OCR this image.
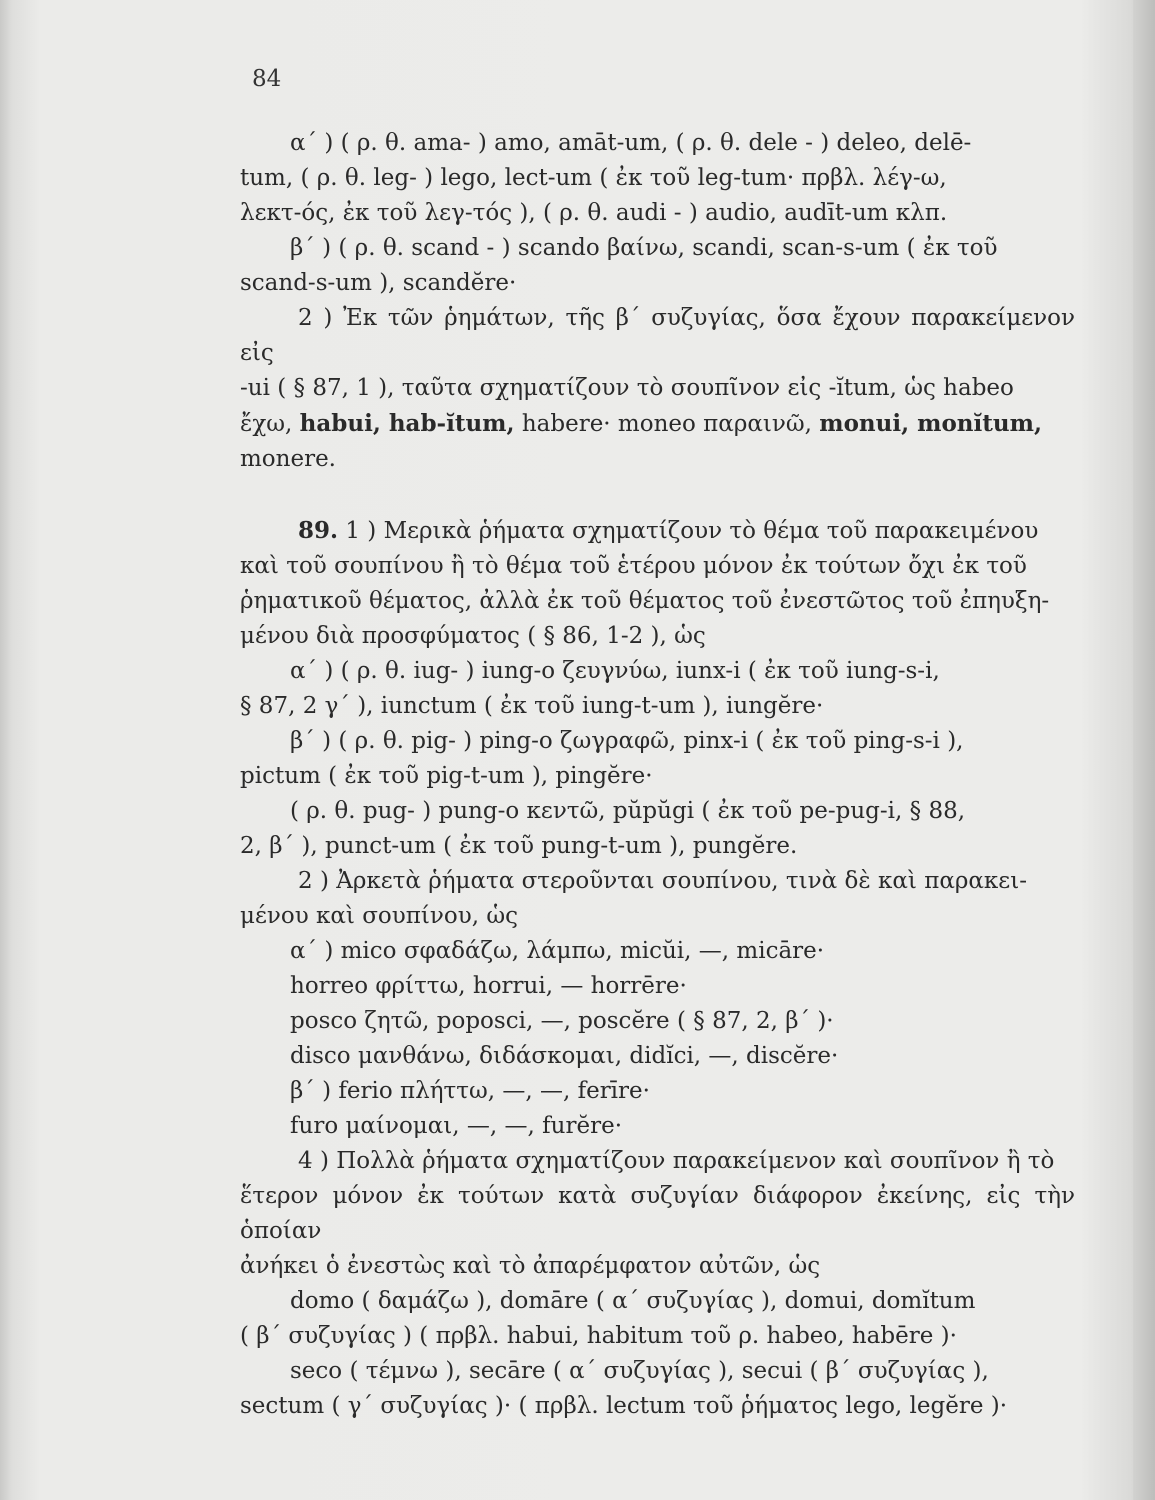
84

α΄ ) ( ρ. θ. ama- ) amo, amāt-um, ( ρ. θ. dele - ) deleo, delē-

tum, ( ρ. θ. leg- ) lego, lect-um ( ἐκ τοῦ leg-tum· πρβλ. λέγ-ω,

λεκτ-ός, ἐκ τοῦ λεγ-τός ), ( ρ. θ. audi - ) audio, audīt-um κλπ.

β΄ ) ( ρ. θ. scand - ) scando βαίνω, scandi, scan-s-um ( ἐκ τοῦ

scand-s-um ), scandĕre·

2 ) Ἐκ τῶν ῥημάτων, τῆς β΄ συζυγίας, ὅσα ἔχουν παρακείμενον εἰς

-ui ( § 87, 1 ), ταῦτα σχηματίζουν τὸ σουπῖνον εἰς -ĭtum, ὡς habeo

ἔχω, habui, hab-ĭtum, habere· moneo παραινῶ, monui, monĭtum,

monere.

89. 1 ) Μερικὰ ῥήματα σχηματίζουν τὸ θέμα τοῦ παρακειμένου

καὶ τοῦ σουπίνου ἢ τὸ θέμα τοῦ ἑτέρου μόνον ἐκ τούτων ὄχι ἐκ τοῦ

ῥηματικοῦ θέματος, ἀλλὰ ἐκ τοῦ θέματος τοῦ ἐνεστῶτος τοῦ ἐπηυξη-

μένου διὰ προσφύματος ( § 86, 1-2 ), ὡς

α΄ ) ( ρ. θ. iug- ) iung-o ζευγνύω, iunx-i ( ἐκ τοῦ iung-s-i,

§ 87, 2 γ΄ ), iunctum ( ἐκ τοῦ iung-t-um ), iungĕre·

β΄ ) ( ρ. θ. pig- ) ping-o ζωγραφῶ, pinx-i ( ἐκ τοῦ ping-s-i ),

pictum ( ἐκ τοῦ pig-t-um ), pingĕre·

( ρ. θ. pug- ) pung-o κεντῶ, pŭpŭgi ( ἐκ τοῦ pe-pug-i, § 88,

2, β΄ ), punct-um ( ἐκ τοῦ pung-t-um ), pungĕre.

2 ) Ἀρκετὰ ῥήματα στεροῦνται σουπίνου, τινὰ δὲ καὶ παρακει-

μένου καὶ σουπίνου, ὡς

α΄ ) mico σφαδάζω, λάμπω, micŭi, —, micāre·

horreo φρίττω, horrui, — horrēre·

posco ζητῶ, poposci, —, poscĕre ( § 87, 2, β΄ )·

disco μανθάνω, διδάσκομαι, didĭci, —, discĕre·

β΄ ) ferio πλήττω, —, —, ferīre·

furo μαίνομαι, —, —, furĕre·

4 ) Πολλὰ ῥήματα σχηματίζουν παρακείμενον καὶ σουπῖνον ἢ τὸ

ἕτερον μόνον ἐκ τούτων κατὰ συζυγίαν διάφορον ἐκείνης, εἰς τὴν ὁποίαν

ἀνήκει ὁ ἐνεστὼς καὶ τὸ ἀπαρέμφατον αὐτῶν, ὡς

domo ( δαμάζω ), domāre ( α΄ συζυγίας ), domui, domĭtum

( β΄ συζυγίας ) ( πρβλ. habui, habitum τοῦ ρ. habeo, habēre )·

seco ( τέμνω ), secāre ( α΄ συζυγίας ), secui ( β΄ συζυγίας ),

sectum ( γ΄ συζυγίας )· ( πρβλ. lectum τοῦ ῥήματος lego, legĕre )·
